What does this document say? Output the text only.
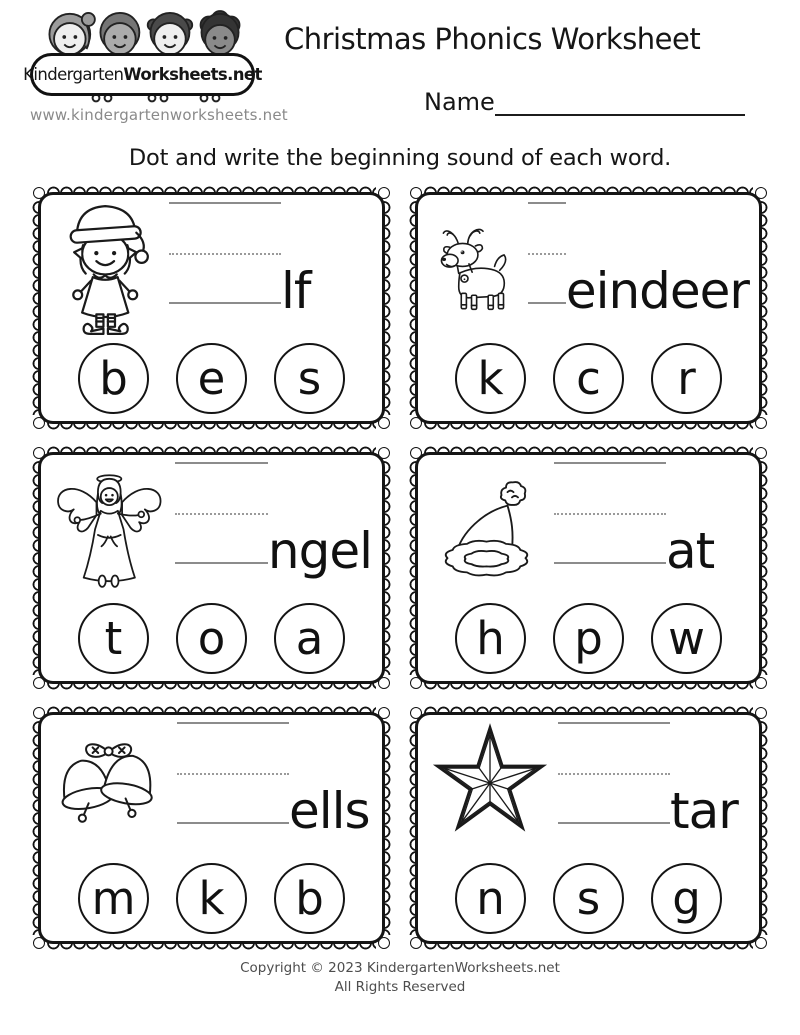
Kindergarten Worksheets.net
www.kindergartenworksheets.net
Christmas Phonics Worksheet
Name

Dot and write the beginning sound of each word.

lf
b	e	s
eindeer
k	c	r
ngel
t	o	a
at
h	p	w
ells
m	k	b
tar
n	s	g
Copyright © 2023 KindergartenWorksheets.net
All Rights Reserved
